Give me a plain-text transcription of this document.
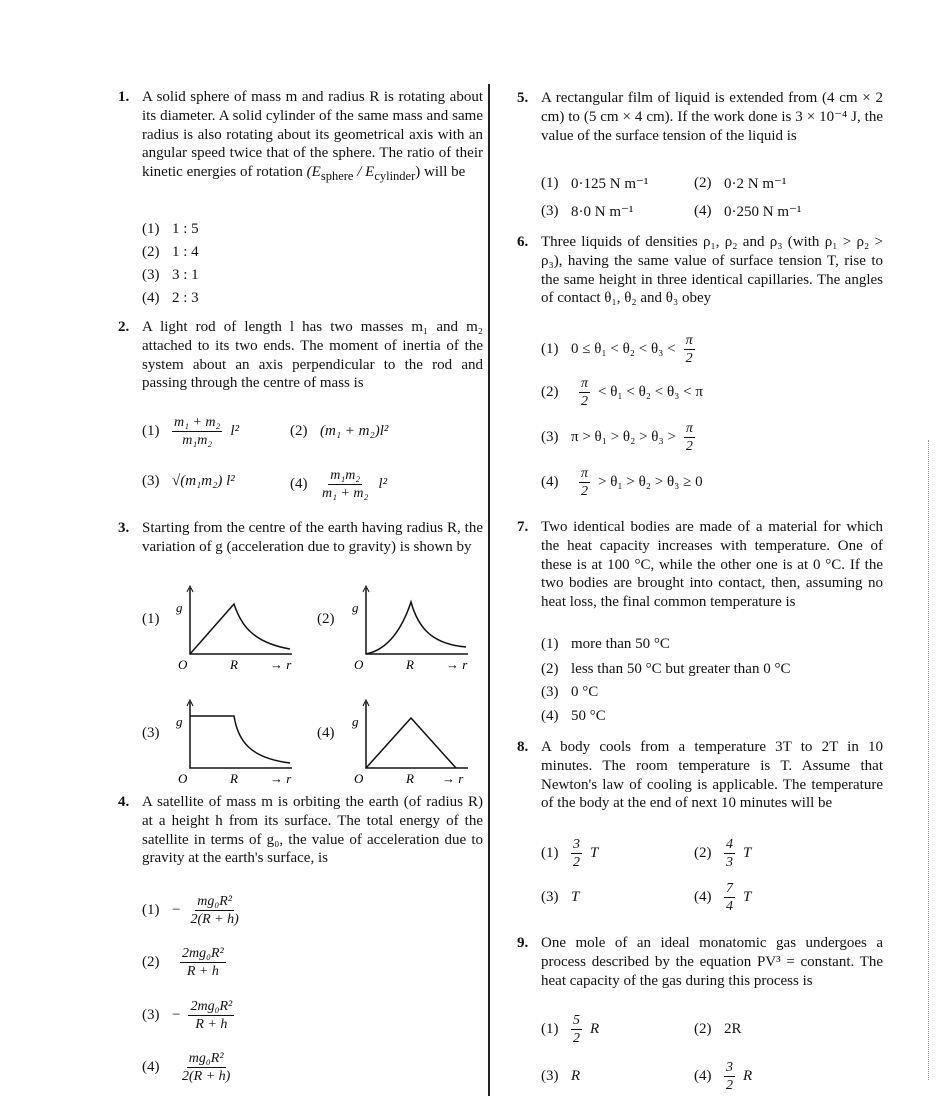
1. A solid sphere of mass m and radius R is rotating about its diameter. A solid cylinder of the same mass and same radius is also rotating about its geometrical axis with an angular speed twice that of the sphere. The ratio of their kinetic energies of rotation $(E_{sphere} / E_{cylinder})$ will be
(1) 1 : 5
(2) 1 : 4
(3) 3 : 1
(4) 2 : 3
2. A light rod of length l has two masses m₁ and m₂ attached to its two ends. The moment of inertia of the system about an axis perpendicular to the rod and passing through the centre of mass is
$(1) \frac{\text{m₁ + m₂}}{\text{m₁m₂}} l^2$	(2) (m₁ + m₂)l²
(3) √(m₁m₂) l²	$(4) \frac{\text{m₁m₂}}{\text{m₁ + m₂}} l^2$
3. Starting from the centre of the earth having radius R, the variation of g (acceleration due to gravity) is shown by
(1)	(2)
(3)	(4)
g
O	R → r
g
O	R → r
g
O	R → r
g
O	R → r
4. A satellite of mass m is orbiting the earth (of radius R) at a height h from its surface. The total energy of the satellite in terms of g₀, the value of acceleration due to gravity at the earth's surface, is
$(1) - \frac{\text{mg₀R²}}{2(R + h)}$
(2)	$\frac{\text{2mg₀R²}}{R + h}$
$(3) - \frac{\text{2mg₀R²}}{R + h}$
(4)	$\frac{\text{mg₀R²}}{2(R + h)}$
5. A rectangular film of liquid is extended from (4 cm × 2 cm) to (5 cm × 4 cm). If the work done is 3 × 10⁻⁴ J, the value of the surface tension of the liquid is
(1) 0·125 N m⁻¹	(2) 0·2 N m⁻¹
(3) 8·0 N m⁻¹	(4) 0·250 N m⁻¹
6. Three liquids of densities ρ₁, ρ₂ and ρ₃ (with ρ₁ > ρ₂ > ρ₃), having the same value of surface tension T, rise to the same height in three identical capillaries. The angles of contact θ₁, θ₂ and θ₃ obey
(1) $0 \le \theta_1 < \theta_2 < \theta_3 < \frac{\pi}{2}$
(2)	$\frac{\pi}{2} < \theta_1 < \theta_2 < \theta_3 < \pi$
(3) $\pi > \theta_1 > \theta_2 > \theta_3 > \frac{\pi}{2}$
(4)	$\frac{\pi}{2} > \theta_1 > \theta_2 > \theta_3 \ge 0$
7. Two identical bodies are made of a material for which the heat capacity increases with temperature. One of these is at 100 °C, while the other one is at 0 °C. If the two bodies are brought into contact, then, assuming no heat loss, the final common temperature is
(1) more than 50 °C
(2) less than 50 °C but greater than 0 °C
(3) 0 °C
(4) 50 °C
8. A body cools from a temperature 3T to 2T in 10 minutes. The room temperature is T. Assume that Newton's law of cooling is applicable. The temperature of the body at the end of next 10 minutes will be
$(1) \frac{3}{2}$ T	$(2) \frac{4}{3}$ T
(3) T	$(4) \frac{7}{4}$ T
9. One mole of an ideal monatomic gas undergoes a process described by the equation PV³ = constant. The heat capacity of the gas during this process is
$(1) \frac{5}{2}$ R	(2) 2R
(3) R	$(4) \frac{3}{2}$ R
